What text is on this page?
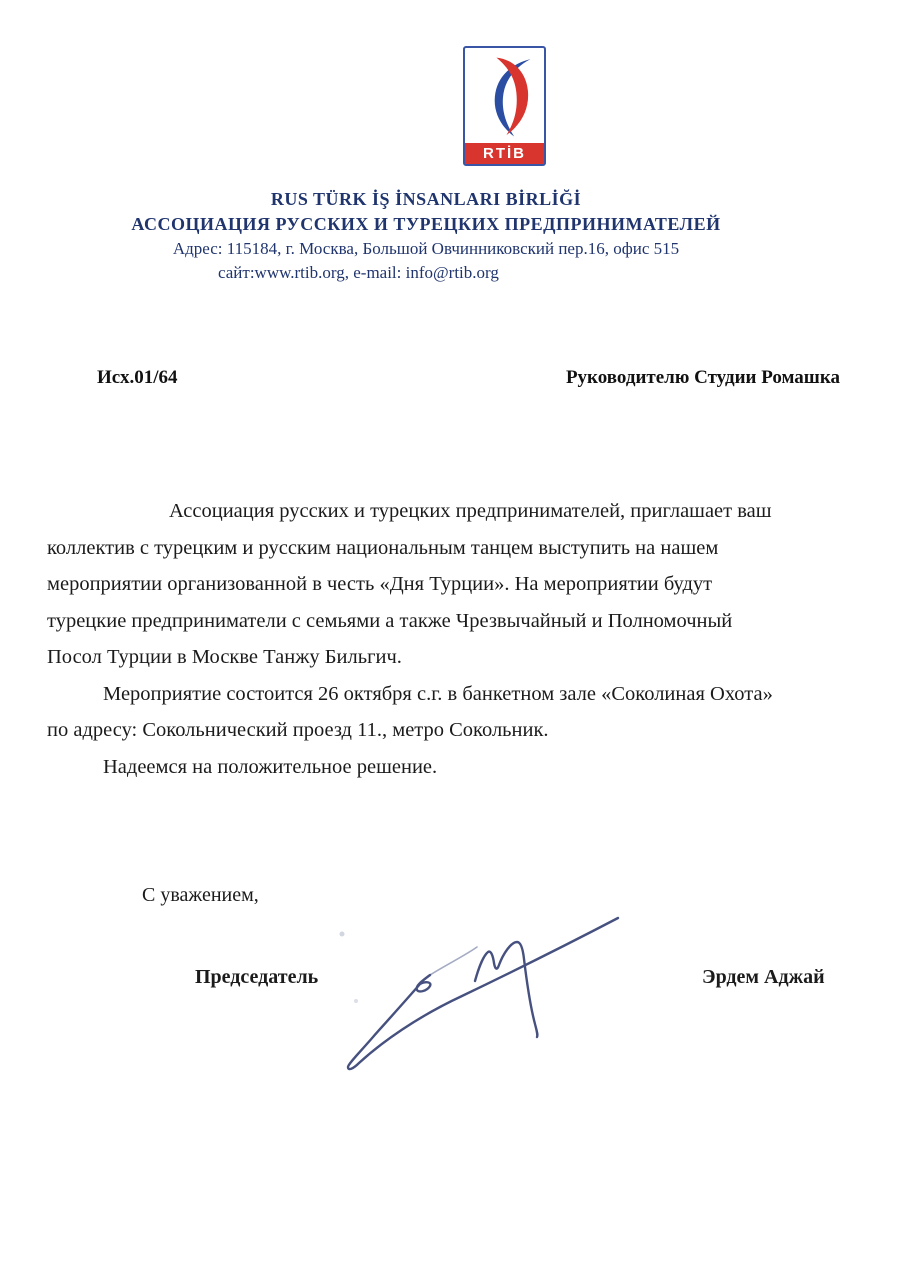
RTİB
RUS TÜRK İŞ İNSANLARI BİRLİĞİ
АССОЦИАЦИЯ РУССКИХ И ТУРЕЦКИХ ПРЕДПРИНИМАТЕЛЕЙ
Адрес: 115184, г. Москва, Большой Овчинниковский пер.16, офис 515
сайт:www.rtib.org, e-mail: info@rtib.org
Исх.01/64	Руководителю Студии Ромашка
Ассоциация русских и турецких предпринимателей, приглашает ваш
коллектив с турецким и русским национальным танцем выступить на нашем
мероприятии организованной в честь «Дня Турции». На мероприятии будут
турецкие предприниматели с семьями а также Чрезвычайный и Полномочный
Посол Турции в Москве Танжу Бильгич.
Мероприятие состоится 26 октября с.г. в банкетном зале «Соколиная Охота»
по адресу: Сокольнический проезд 11., метро Сокольник.
Надеемся на положительное решение.
С уважением,
Председатель	Эрдем Аджай
